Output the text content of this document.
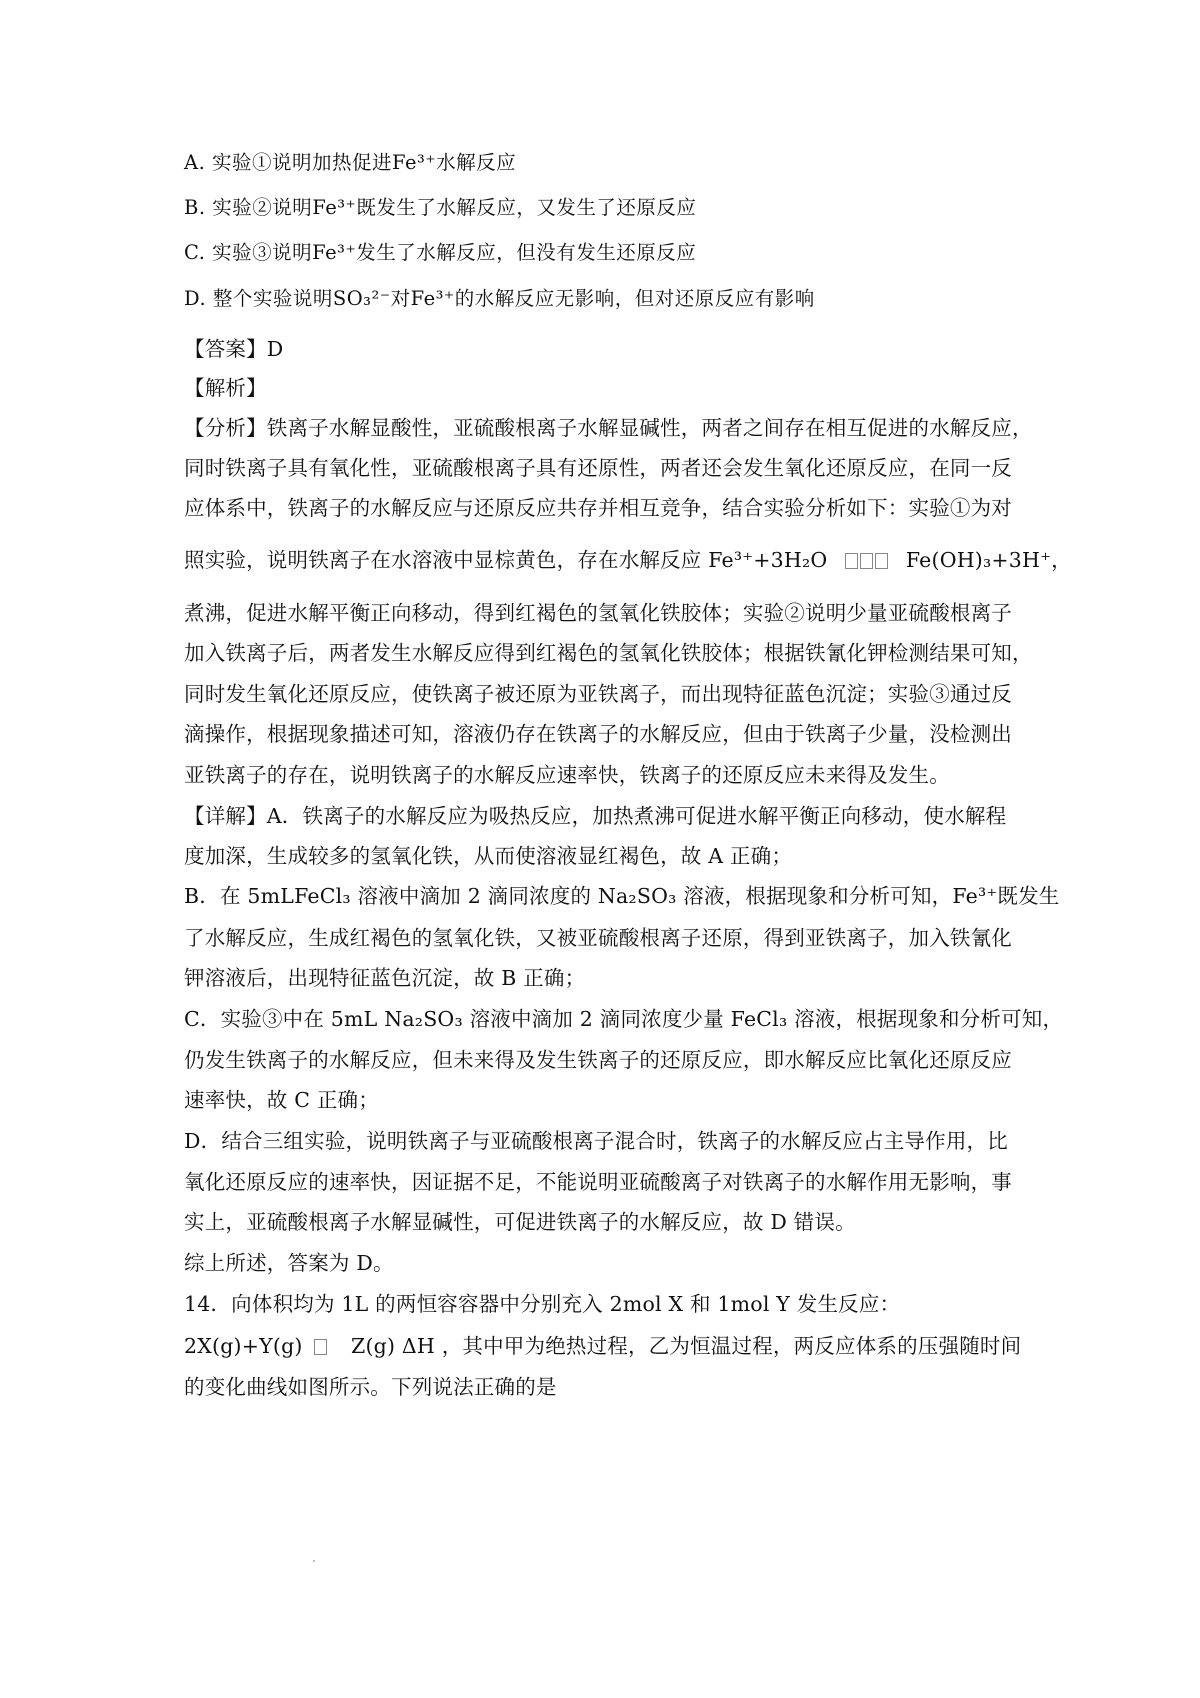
A. 实验①说明加热促进Fe³⁺水解反应
B. 实验②说明Fe³⁺既发生了水解反应，又发生了还原反应
C. 实验③说明Fe³⁺发生了水解反应，但没有发生还原反应
D. 整个实验说明SO₃²⁻对Fe³⁺的水解反应无影响，但对还原反应有影响
【答案】D
【解析】
【分析】铁离子水解显酸性，亚硫酸根离子水解显碱性，两者之间存在相互促进的水解反应，
同时铁离子具有氧化性，亚硫酸根离子具有还原性，两者还会发生氧化还原反应，在同一反
应体系中，铁离子的水解反应与还原反应共存并相互竞争，结合实验分析如下：实验①为对
照实验，说明铁离子在水溶液中显棕黄色，存在水解反应 Fe³⁺+3H₂O	Fe(OH)₃+3H⁺，
煮沸，促进水解平衡正向移动，得到红褐色的氢氧化铁胶体；实验②说明少量亚硫酸根离子
加入铁离子后，两者发生水解反应得到红褐色的氢氧化铁胶体；根据铁氰化钾检测结果可知，
同时发生氧化还原反应，使铁离子被还原为亚铁离子，而出现特征蓝色沉淀；实验③通过反
滴操作，根据现象描述可知，溶液仍存在铁离子的水解反应，但由于铁离子少量，没检测出
亚铁离子的存在，说明铁离子的水解反应速率快，铁离子的还原反应未来得及发生。
【详解】A．铁离子的水解反应为吸热反应，加热煮沸可促进水解平衡正向移动，使水解程
度加深，生成较多的氢氧化铁，从而使溶液显红褐色，故 A 正确；
B．在 5mLFeCl₃ 溶液中滴加 2 滴同浓度的 Na₂SO₃ 溶液，根据现象和分析可知，Fe³⁺既发生
了水解反应，生成红褐色的氢氧化铁，又被亚硫酸根离子还原，得到亚铁离子，加入铁氰化
钾溶液后，出现特征蓝色沉淀，故 B 正确；
C．实验③中在 5mL Na₂SO₃ 溶液中滴加 2 滴同浓度少量 FeCl₃ 溶液，根据现象和分析可知，
仍发生铁离子的水解反应，但未来得及发生铁离子的还原反应，即水解反应比氧化还原反应
速率快，故 C 正确；
D．结合三组实验，说明铁离子与亚硫酸根离子混合时，铁离子的水解反应占主导作用，比
氧化还原反应的速率快，因证据不足，不能说明亚硫酸离子对铁离子的水解作用无影响，事
实上，亚硫酸根离子水解显碱性，可促进铁离子的水解反应，故 D 错误。
综上所述，答案为 D。
14．向体积均为 1L 的两恒容容器中分别充入 2mol X 和 1mol Y 发生反应：
2X(g)+Y(g) Z(g) ΔH ，其中甲为绝热过程，乙为恒温过程，两反应体系的压强随时间
的变化曲线如图所示。下列说法正确的是
